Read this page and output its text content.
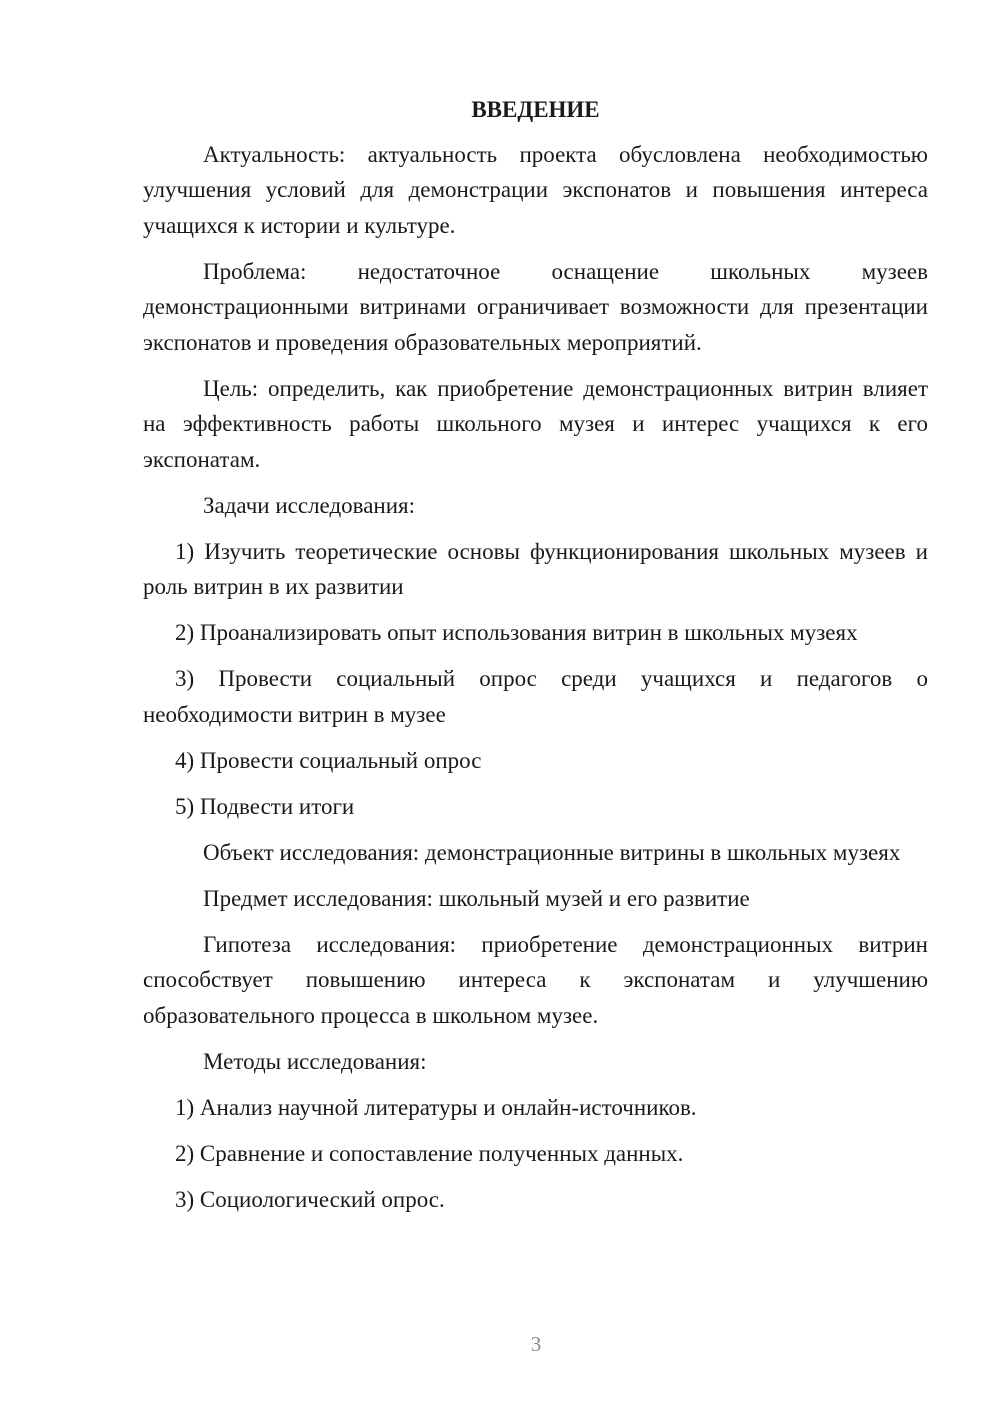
ВВЕДЕНИЕ

Актуальность: актуальность проекта обусловлена необходимостью улучшения условий для демонстрации экспонатов и повышения интереса учащихся к истории и культуре.

Проблема: недостаточное оснащение школьных музеев демонстрационными витринами ограничивает возможности для презентации экспонатов и проведения образовательных мероприятий.

Цель: определить, как приобретение демонстрационных витрин влияет на эффективность работы школьного музея и интерес учащихся к его экспонатам.

Задачи исследования:

1) Изучить теоретические основы функционирования школьных музеев и роль витрин в их развитии

2) Проанализировать опыт использования витрин в школьных музеях

3) Провести социальный опрос среди учащихся и педагогов о необходимости витрин в музее

4) Провести социальный опрос

5) Подвести итоги

Объект исследования: демонстрационные витрины в школьных музеях

Предмет исследования: школьный музей и его развитие

Гипотеза исследования: приобретение демонстрационных витрин способствует повышению интереса к экспонатам и улучшению образовательного процесса в школьном музее.

Методы исследования:

1) Анализ научной литературы и онлайн-источников.

2) Сравнение и сопоставление полученных данных.

3) Социологический опрос.

3
